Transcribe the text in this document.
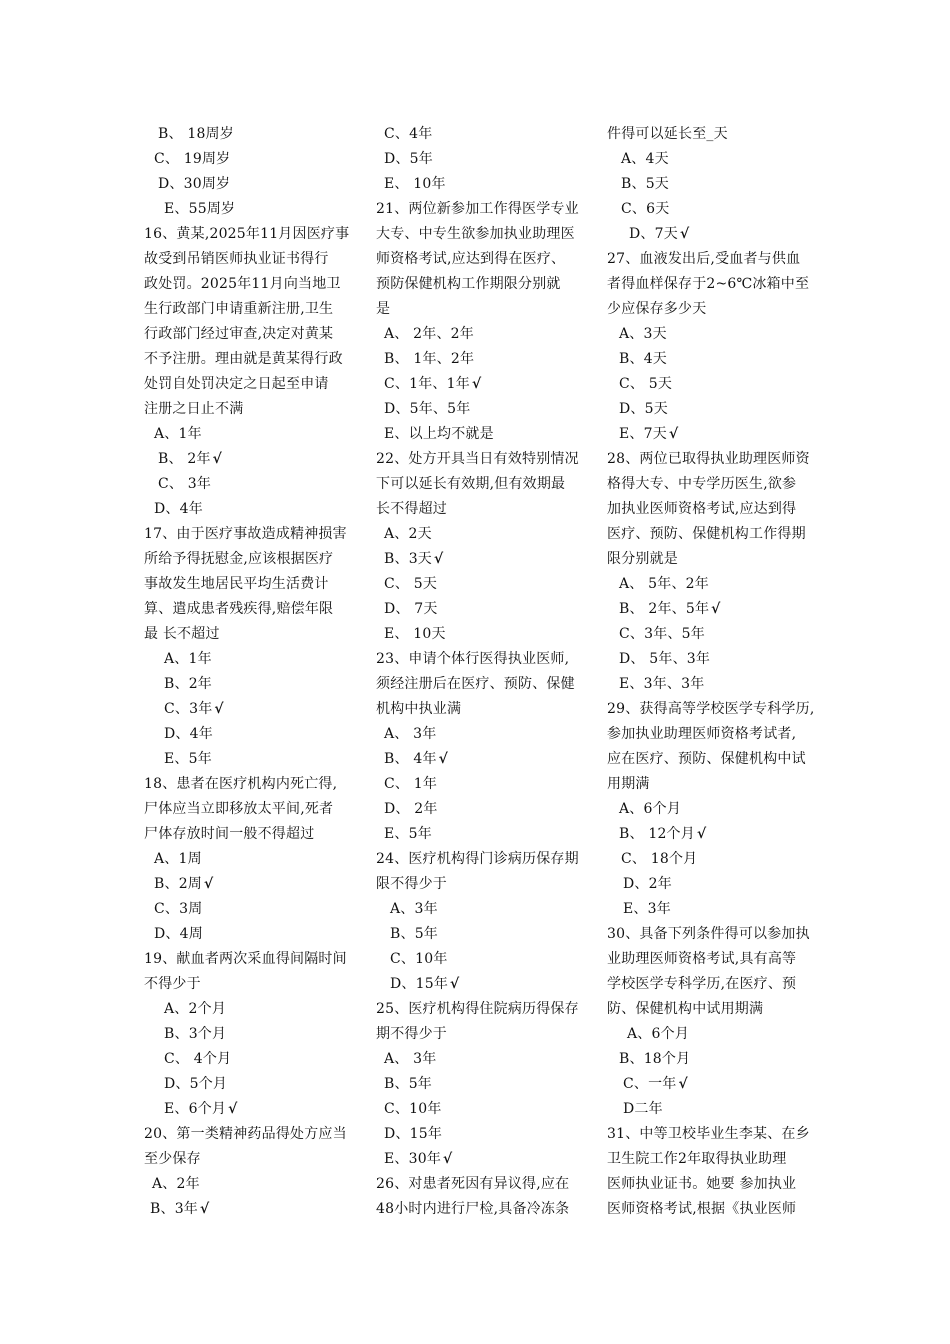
B、 18周岁
C、 19周岁
D、30周岁
E、55周岁
16、黄某,2025年11月因医疗事
故受到吊销医师执业证书得行
政处罚。2025年11月向当地卫
生行政部门申请重新注册,卫生
行政部门经过审查,决定对黄某
不予注册。理由就是黄某得行政
处罚自处罚决定之日起至申请
注册之日止不满
A、1年
B、 2年 √
C、 3年
D、4年
17、由于医疗事故造成精神损害
所给予得抚慰金,应该根据医疗
事故发生地居民平均生活费计
算、遣成患者残疾得,赔偿年限
最 长不超过
A、1年
B、2年
C、3年 √
D、4年
E、5年
18、患者在医疗机构内死亡得,
尸体应当立即移放太平间,死者
尸体存放时间一般不得超过
A、1周
B、2周 √
C、3周
D、4周
19、献血者两次采血得间隔时间
不得少于
A、2个月
B、3个月
C、 4个月
D、5个月
E、6个月 √
20、第一类精神药品得处方应当
至少保存
A、2年
B、3年 √
C、4年
D、5年
E、 10年
21、两位新参加工作得医学专业
大专、中专生欲参加执业助理医
师资格考试,应达到得在医疗、
预防保健机构工作期限分别就
是
A、 2年、2年
B、 1年、2年
C、1年、1年 √
D、5年、5年
E、以上均不就是
22、处方开具当日有效特别情况
下可以延长有效期,但有效期最
长不得超过
A、2天
B、3天 √
C、 5天
D、 7天
E、 10天
23、申请个体行医得执业医师,
须经注册后在医疗、预防、保健
机构中执业满
A、 3年
B、 4年 √
C、 1年
D、 2年
E、5年
24、医疗机构得门诊病历保存期
限不得少于
A、3年
B、5年
C、10年
D、15年 √
25、医疗机构得住院病历得保存
期不得少于
A、 3年
B、5年
C、10年
D、15年
E、30年 √
26、对患者死因有异议得,应在
48小时内进行尸检,具备冷冻条
件得可以延长至_天
A、4天
B、5天
C、6天
D、7天 √
27、血液发出后,受血者与供血
者得血样保存于2~6℃冰箱中至
少应保存多少天
A、3天
B、4天
C、 5天
D、5天
E、7天 √
28、两位已取得执业助理医师资
格得大专、中专学历医生,欲参
加执业医师资格考试,应达到得
医疗、预防、保健机构工作得期
限分别就是
A、 5年、2年
B、 2年、5年 √
C、3年、5年
D、 5年、3年
E、3年、3年
29、获得高等学校医学专科学历,
参加执业助理医师资格考试者,
应在医疗、预防、保健机构中试
用期满
A、6个月
B、 12个月 √
C、 18个月
D、2年
E、3年
30、具备下列条件得可以参加执
业助理医师资格考试,具有高等
学校医学专科学历,在医疗、预
防、保健机构中试用期满
A、6个月
B、18个月
C、一年 √
D二年
31、中等卫校毕业生李某、在乡
卫生院工作2年取得执业助理
医师执业证书。她要 参加执业
医师资格考试,根据《执业医师
